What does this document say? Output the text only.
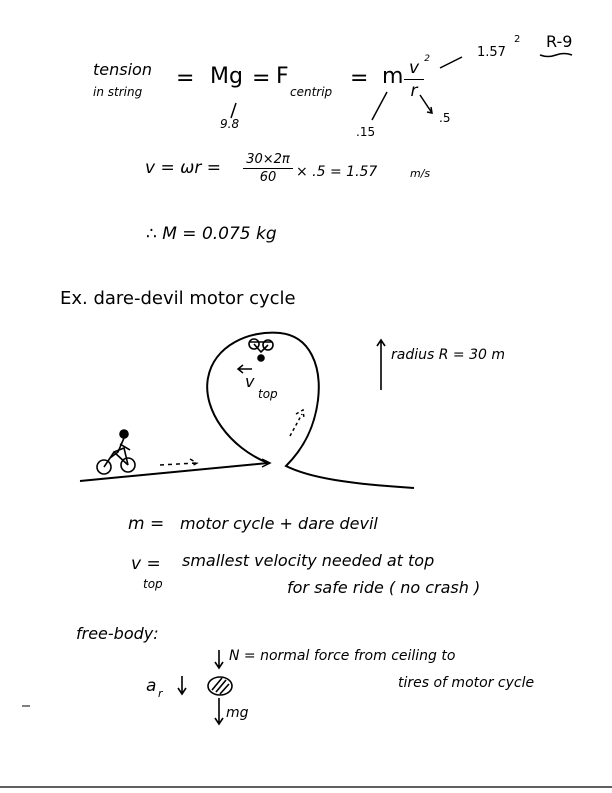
R-9
tension
in string
= Mg
9.8
= F
centrip
= m v 2
r
1.57
2
.15
.5
v = ωr = 30×2π
60	× .5 = 1.57	m/s
∴ M = 0.075 kg
Ex. dare-devil motor cycle
radius R = 30 m
v
top
m = motor cycle + dare devil
v =
top
smallest velocity needed at top
for safe ride ( no crash )
free-body:
N = normal force from ceiling to
tires of motor cycle
a r
mg
